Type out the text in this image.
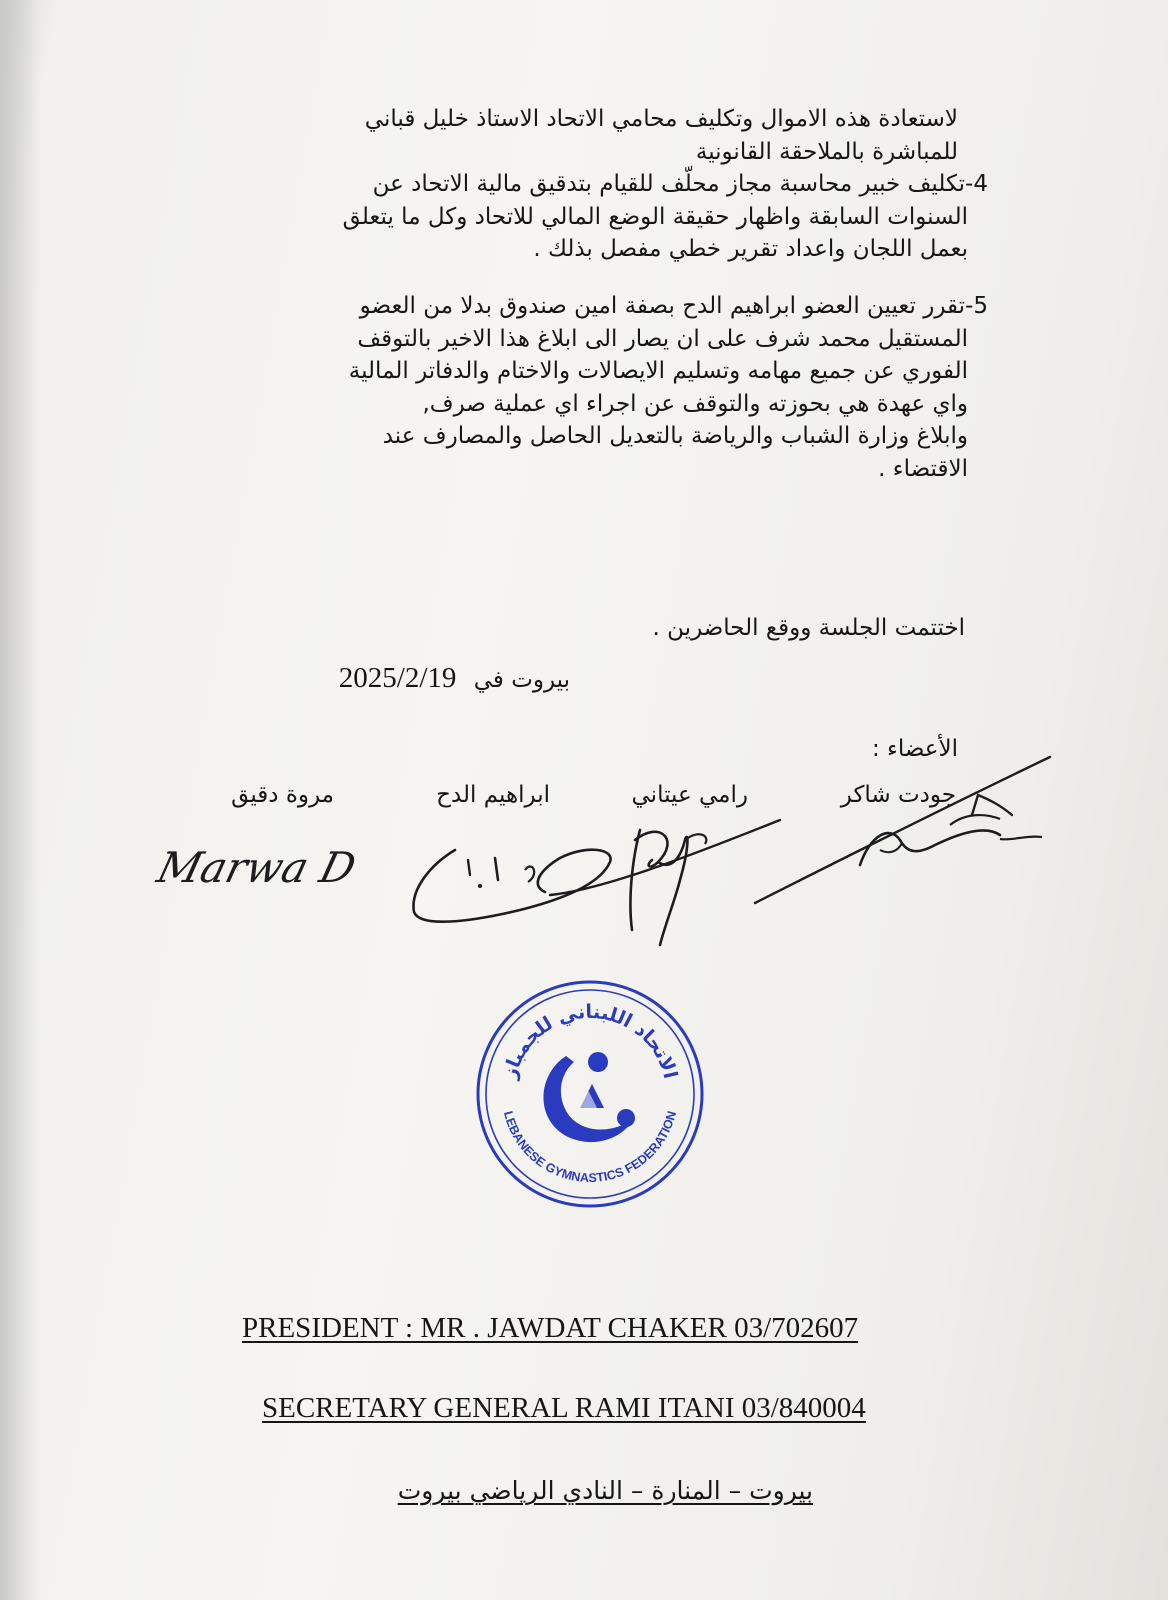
لاستعادة هذه الاموال وتكليف محامي الاتحاد الاستاذ خليل قباني
للمباشرة بالملاحقة القانونية
4-تكليف خبير محاسبة مجاز محلّف للقيام بتدقيق مالية الاتحاد عن
السنوات السابقة واظهار حقيقة الوضع المالي للاتحاد وكل ما يتعلق
بعمل اللجان واعداد تقرير خطي مفصل بذلك .
5-تقرر تعيين العضو ابراهيم الدح بصفة امين صندوق بدلا من العضو
المستقيل محمد شرف على ان يصار الى ابلاغ هذا الاخير بالتوقف
الفوري عن جميع مهامه وتسليم الايصالات والاختام والدفاتر المالية
واي عهدة هي بحوزته والتوقف عن اجراء اي عملية صرف,
وابلاغ وزارة الشباب والرياضة بالتعديل الحاصل والمصارف عند
الاقتضاء .
اختتمت الجلسة ووقع الحاضرين .
بيروت في 2025/2/19
الأعضاء :
جودت شاكر
رامي عيتاني
ابراهيم الدح
مروة دقيق
Marwa D
الاتحاد اللبناني للجمباز
LEBANESE GYMNASTICS FEDERATION
PRESIDENT : MR . JAWDAT CHAKER 03/702607
SECRETARY GENERAL RAMI ITANI 03/840004
بيروت – المنارة – النادي الرياضي بيروت
